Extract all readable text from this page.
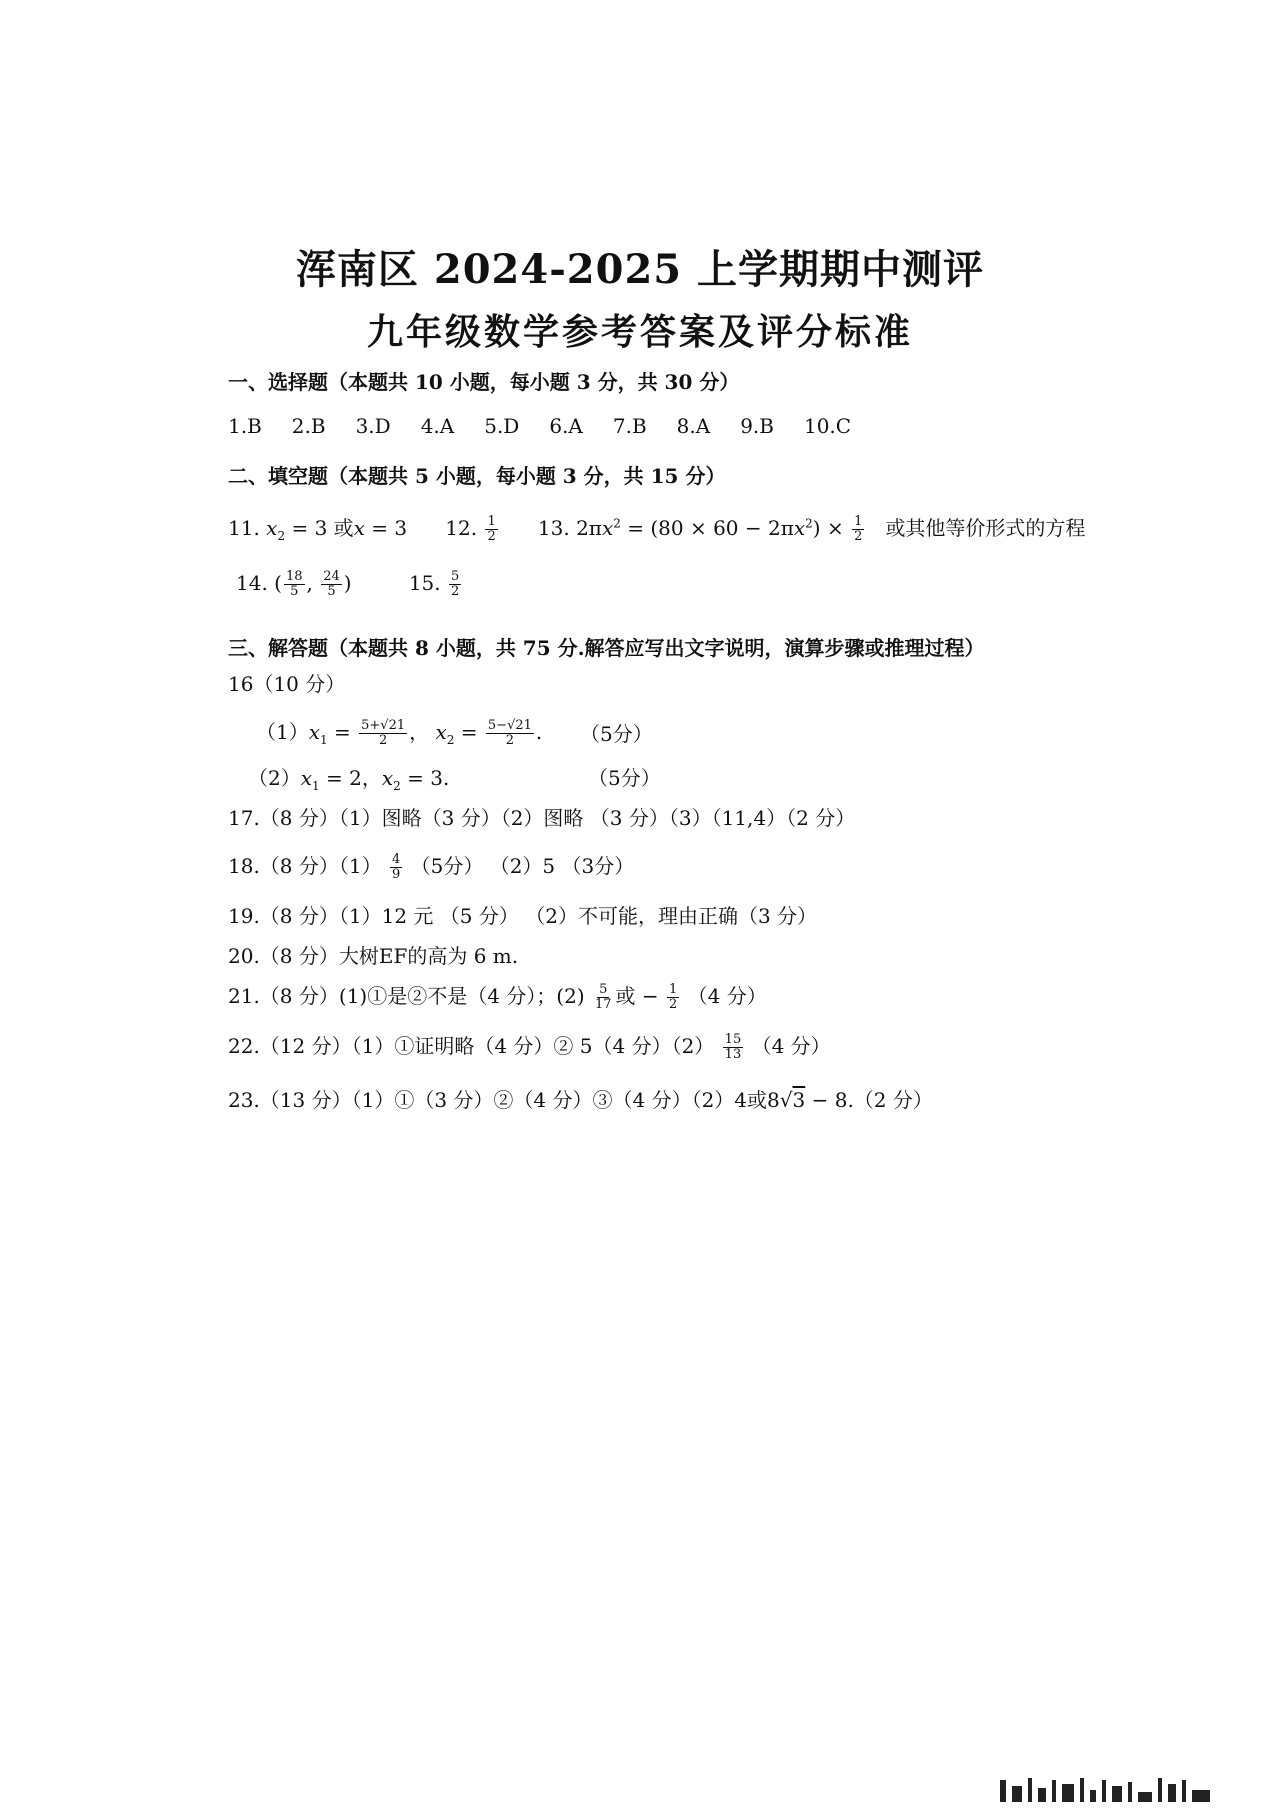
浑南区 2024-2025 上学期期中测评
九年级数学参考答案及评分标准
一、选择题（本题共 10 小题，每小题 3 分，共 30 分）
1.B 2.B 3.D 4.A 5.D 6.A 7.B 8.A 9.B 10.C
二、填空题（本题共 5 小题，每小题 3 分，共 15 分）
11. $x_2 = 3$ 或x = 3 12. $\frac{1}{2} 13$. $2\pi x^2 = (80 \times 60 - 2\pi x^2) \times \frac{1}{2}$ 或其他等价形式的方程
14. ( $\frac{18}{5}$ , $\frac{24}{5}$ )         15. $\frac{5}{2}$
三、解答题（本题共 8 小题，共 75 分.解答应写出文字说明，演算步骤或推理过程）
16（10 分）
$(1)x_1 = \frac{5+√21}{2}$ ， $x_2 = \frac{5-√21}{2}$ . （5分）
$(2)x_1 = 2$，$x_2 = 3$.	（5分）
17.（8 分）（1）图略（3 分）（2）图略 （3 分）（3）（11,4）（2 分）
18.（8 分）$(1) \frac{4}{9} (5$分） （2）5 （3分）
19.（8 分）（1）12 元 （5 分） （2）不可能，理由正确（3 分）
20.（8 分）大树EF的高为 6 m.
21.（8 分）(1)①是②不是（4 分）；$(2) \frac{5}{17}$ 或 − $\frac{1}{2} (4$ 分）
22.（12 分）（1）①证明略（4 分）② 5（4 分）$(2) \frac{15}{13} (4$ 分）
23.（13 分）（1）①（3 分）②（4 分）③（4 分）（2）4或8√3 − 8.（2 分）
